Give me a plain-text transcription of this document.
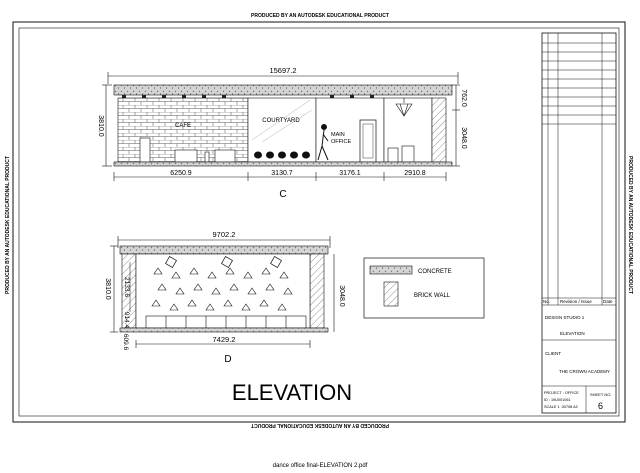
PRODUCED BY AN AUTODESK EDUCATIONAL PRODUCT
PRODUCED BY AN AUTODESK EDUCATIONAL PRODUCT
PRODUCED BY AN AUTODESK EDUCATIONAL PRODUCT	PRODUCED BY AN AUTODESK EDUCATIONAL PRODUCT
15697.2
CAFE
COURTYARD
MAIN
OFFICE
3810.0
762.0
3048.0
6250.9	3130.7	3176.1	2910.8
C
9702.2
3810.0 2133.6
914.4
609.6
3048.0
7429.2
D
CONCRETE
BRICK WALL
ELEVATION
No. Revision / Issue Date
DESIGN STUDIO 1
ELEVATION
CLIENT
THE CROWN ACADEMY
PROJECT : OFFICE
ID : 19U001061
SCALE 1 :30708 A2
SHEET NO.
6
dance office final-ELEVATION 2.pdf
